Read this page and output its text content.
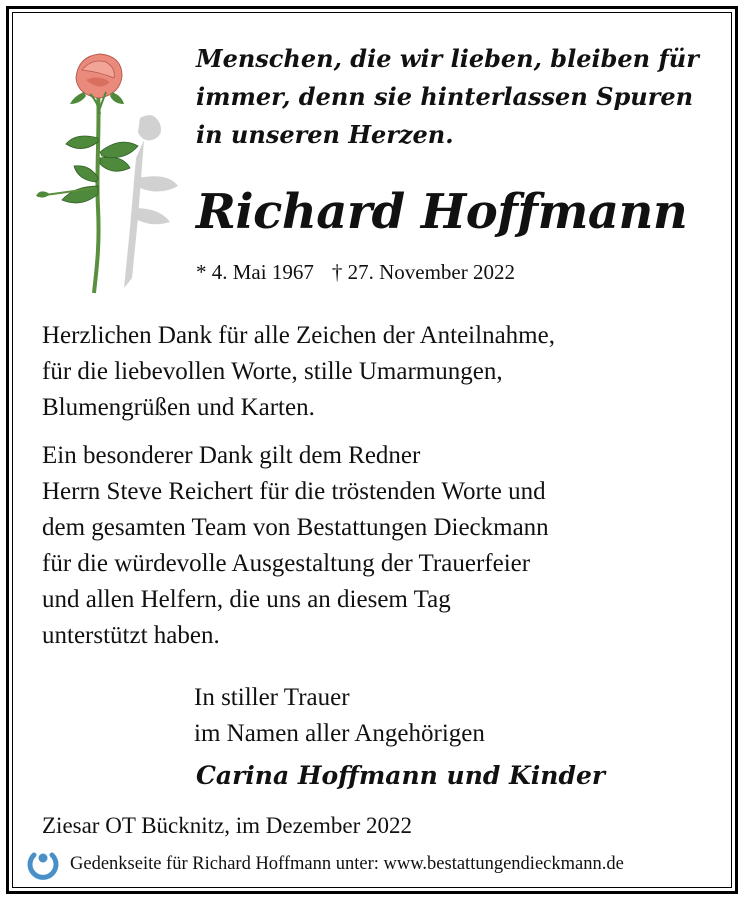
Menschen, die wir lieben, bleiben für
immer, denn sie hinterlassen Spuren
in unseren Herzen.
Richard Hoffmann
* 4. Mai 1967 † 27. November 2022
Herzlichen Dank für alle Zeichen der Anteilnahme,
für die liebevollen Worte, stille Umarmungen,
Blumengrüßen und Karten.
Ein besonderer Dank gilt dem Redner
Herrn Steve Reichert für die tröstenden Worte und
dem gesamten Team von Bestattungen Dieckmann
für die würdevolle Ausgestaltung der Trauerfeier
und allen Helfern, die uns an diesem Tag
unterstützt haben.
In stiller Trauer
im Namen aller Angehörigen
Carina Hoffmann und Kinder
Ziesar OT Bücknitz, im Dezember 2022
Gedenkseite für Richard Hoffmann unter: www.bestattungendieckmann.de
